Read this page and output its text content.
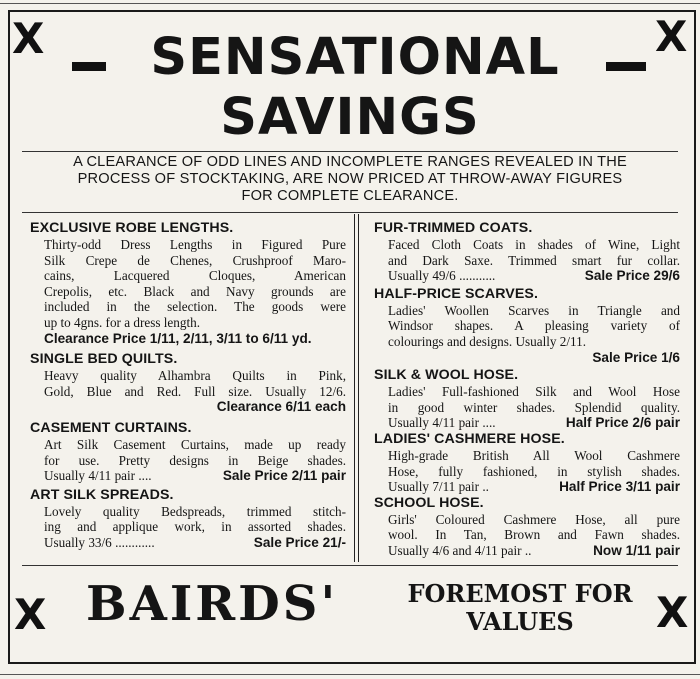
X	X
SENSATIONAL
SAVINGS
A CLEARANCE OF ODD LINES AND INCOMPLETE RANGES REVEALED IN THE
PROCESS OF STOCKTAKING, ARE NOW PRICED AT THROW-AWAY FIGURES
FOR COMPLETE CLEARANCE.
EXCLUSIVE ROBE LENGTHS.
Thirty-odd Dress Lengths in Figured Pure
Silk Crepe de Chenes, Crushproof Maro-
cains, Lacquered Cloques, American
Crepolis, etc. Black and Navy grounds are
included in the selection. The goods were
up to 4gns. for a dress length.
Clearance Price 1/11, 2/11, 3/11 to 6/11 yd.
SINGLE BED QUILTS.
Heavy quality Alhambra Quilts in Pink,
Gold, Blue and Red. Full size. Usually 12/6.
Clearance 6/11 each
CASEMENT CURTAINS.
Art Silk Casement Curtains, made up ready
for use. Pretty designs in Beige shades.
Usually 4/11 pair ....	Sale Price 2/11 pair
ART SILK SPREADS.
Lovely quality Bedspreads, trimmed stitch-
ing and applique work, in assorted shades.
Usually 33/6 ............	Sale Price 21/-
FUR-TRIMMED COATS.
Faced Cloth Coats in shades of Wine, Light
and Dark Saxe. Trimmed smart fur collar.
Usually 49/6 ...........	Sale Price 29/6
HALF-PRICE SCARVES.
Ladies' Woollen Scarves in Triangle and
Windsor shapes. A pleasing variety of
colourings and designs. Usually 2/11.
Sale Price 1/6
SILK & WOOL HOSE.
Ladies' Full-fashioned Silk and Wool Hose
in good winter shades. Splendid quality.
Usually 4/11 pair ....	Half Price 2/6 pair
LADIES' CASHMERE HOSE.
High-grade British All Wool Cashmere
Hose, fully fashioned, in stylish shades.
Usually 7/11 pair ..	Half Price 3/11 pair
SCHOOL HOSE.
Girls' Coloured Cashmere Hose, all pure
wool. In Tan, Brown and Fawn shades.
Usually 4/6 and 4/11 pair ..	Now 1/11 pair
X	X
BAIRDS'	FOREMOST FOR
VALUES
